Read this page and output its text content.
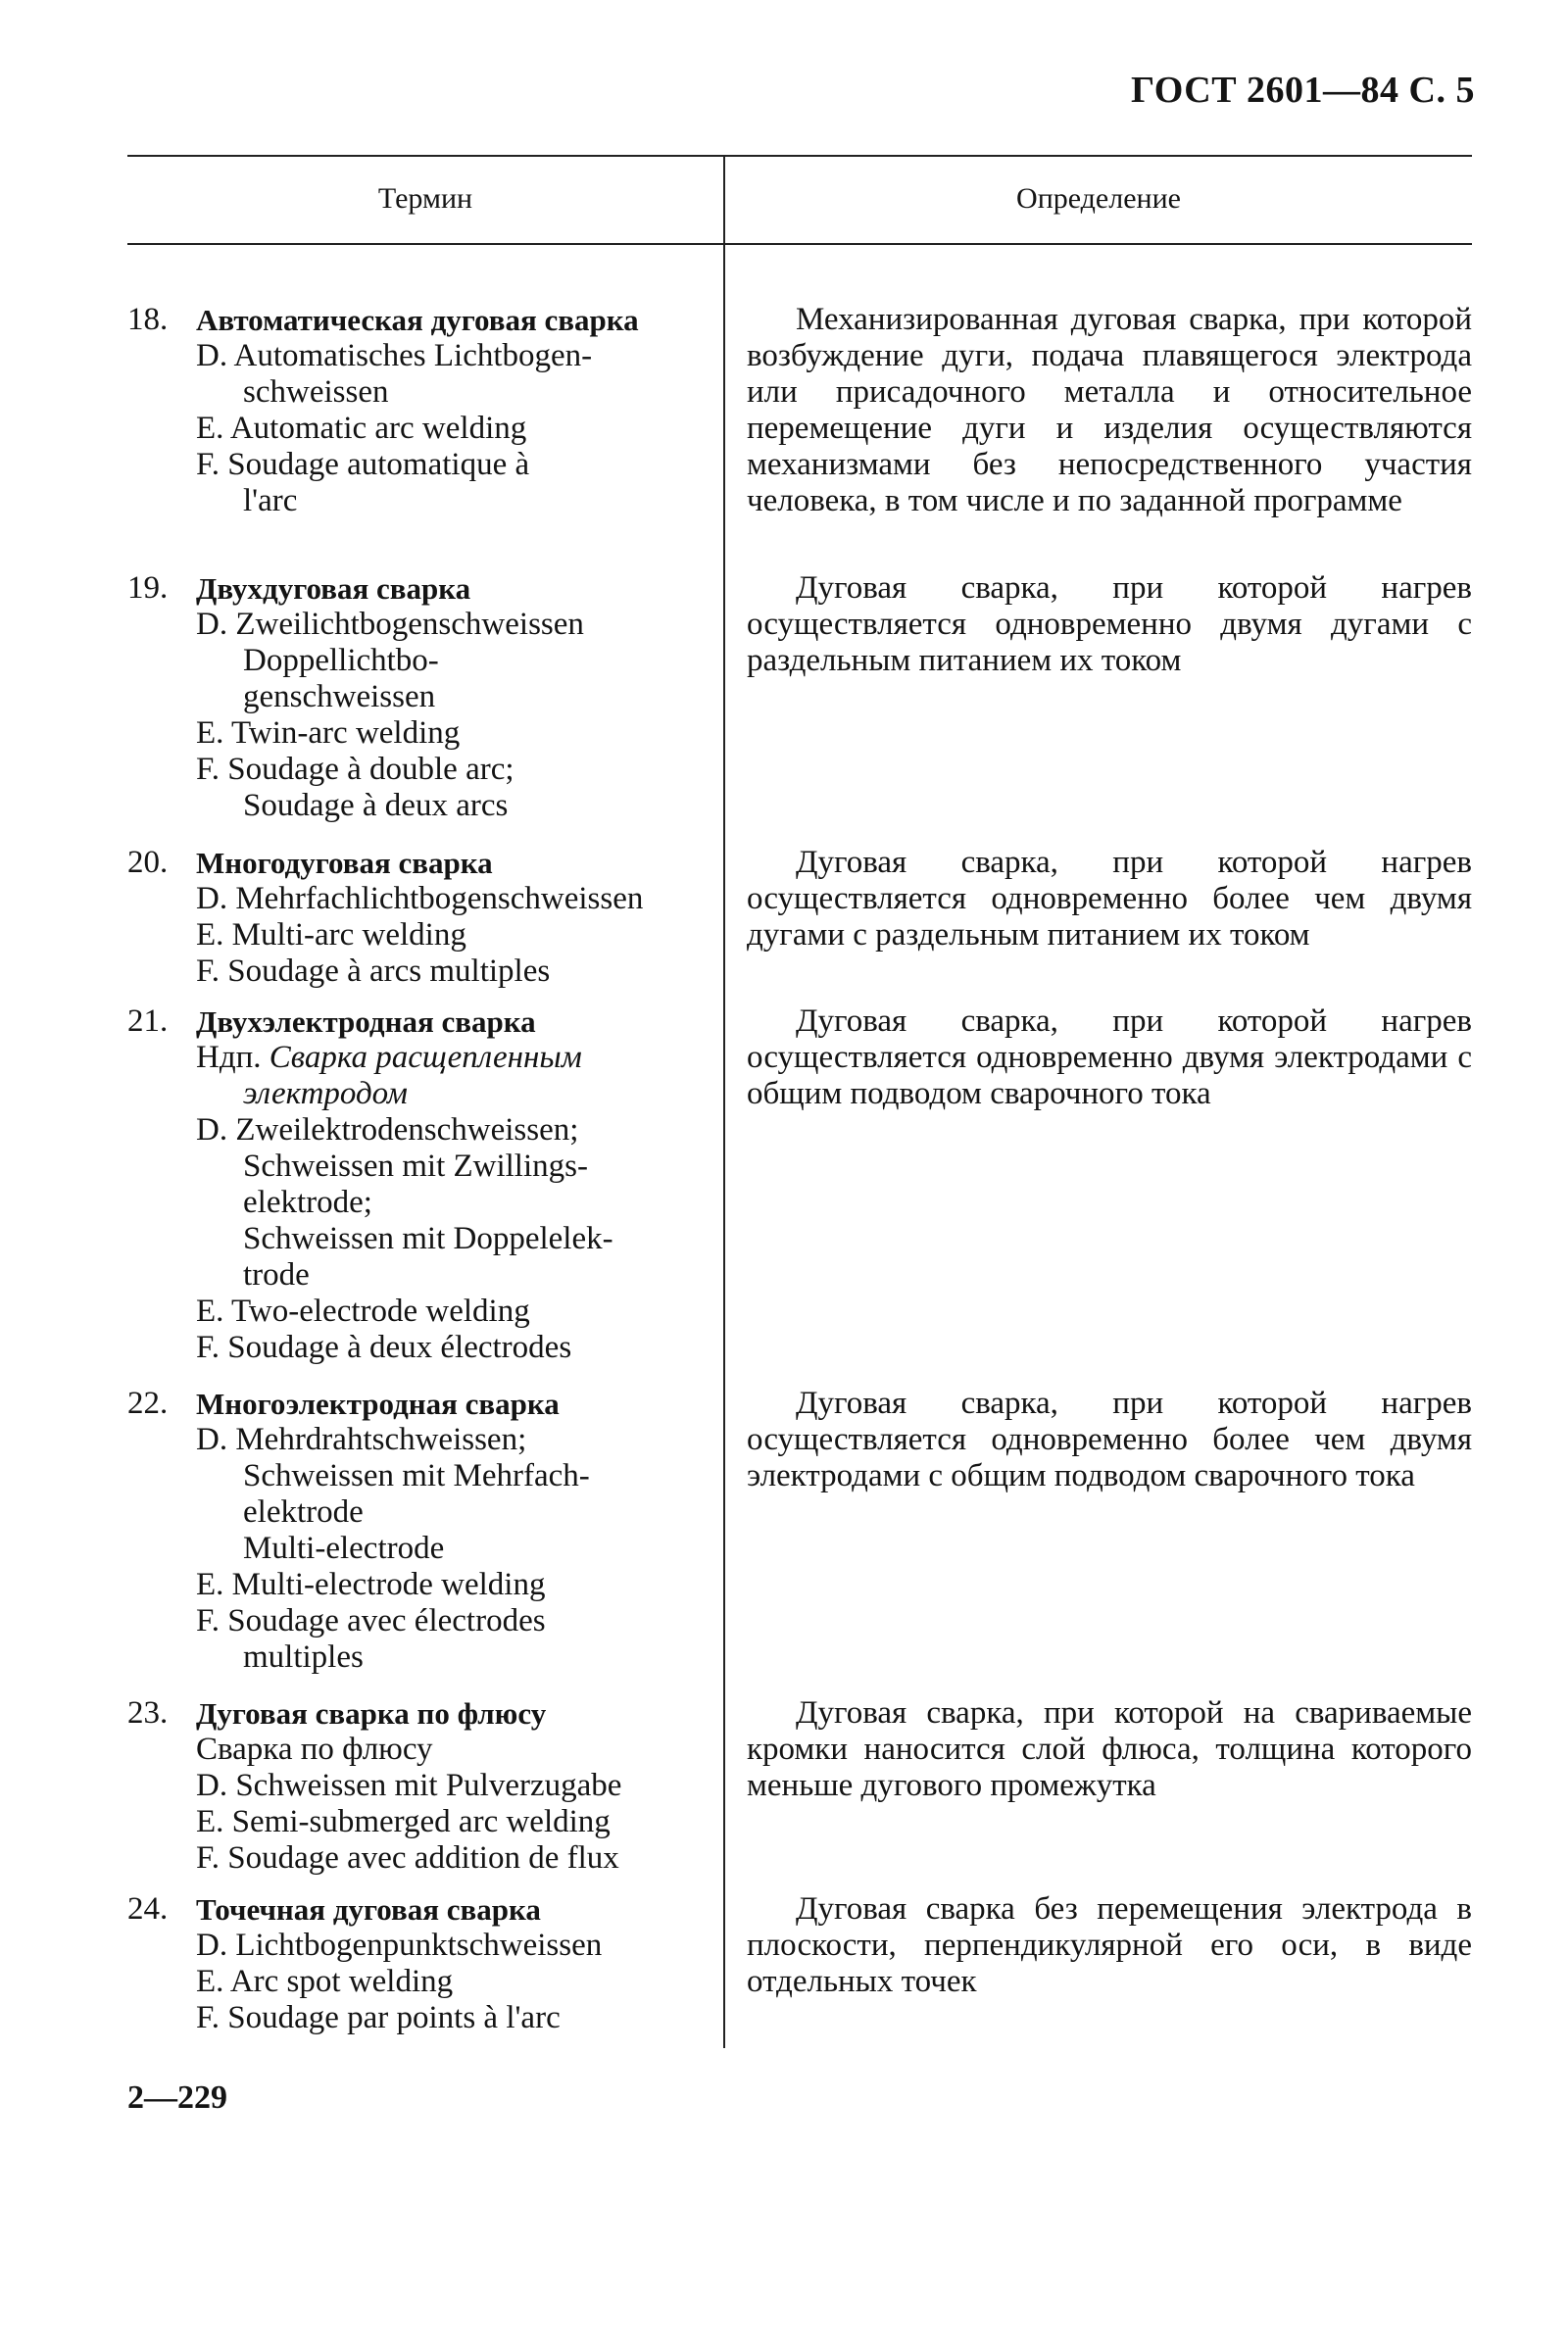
ГОСТ 2601—84 С. 5
Термин	Определение
18. Автоматическая дуговая сварка
D. Automatisches Lichtbogen-
schweissen
E. Automatic arc welding
F. Soudage automatique à
l'arc
Механизированная дуговая сварка, при которой возбуждение дуги, подача плавящегося электрода или присадочного металла и относительное перемещение дуги и изделия осуществляются механизмами без непосредственного участия человека, в том числе и по заданной программе
19. Двухдуговая сварка
D. Zweilichtbogenschweissen
Doppellichtbo-
genschweissen
E. Twin-arc welding
F. Soudage à double arc;
Soudage à deux arcs
Дуговая сварка, при которой нагрев осуществляется одновременно двумя дугами с раздельным питанием их током
20. Многодуговая сварка
D. Mehrfachlichtbogenschweissen
E. Multi-arc welding
F. Soudage à arcs multiples
Дуговая сварка, при которой нагрев осуществляется одновременно более чем двумя дугами с раздельным питанием их током
21. Двухэлектродная сварка
Ндп. Сварка расщепленным
электродом
D. Zweilektrodenschweissen;
Schweissen mit Zwillings-
elektrode;
Schweissen mit Doppelelek-
trode
E. Two-electrode welding
F. Soudage à deux électrodes
Дуговая сварка, при которой нагрев осуществляется одновременно двумя электродами с общим подводом сварочного тока
22. Многоэлектродная сварка
D. Mehrdrahtschweissen;
Schweissen mit Mehrfach-
elektrode
Multi-electrode
E. Multi-electrode welding
F. Soudage avec électrodes
multiples
Дуговая сварка, при которой нагрев осуществляется одновременно более чем двумя электродами с общим подводом сварочного тока
23. Дуговая сварка по флюсу
Сварка по флюсу
D. Schweissen mit Pulverzugabe
E. Semi-submerged arc welding
F. Soudage avec addition de flux
Дуговая сварка, при которой на свариваемые кромки наносится слой флюса, толщина которого меньше дугового промежутка
24. Точечная дуговая сварка
D. Lichtbogenpunktschweissen
E. Arc spot welding
F. Soudage par points à l'arc
Дуговая сварка без перемещения электрода в плоскости, перпендикулярной его оси, в виде отдельных точек
2—229
